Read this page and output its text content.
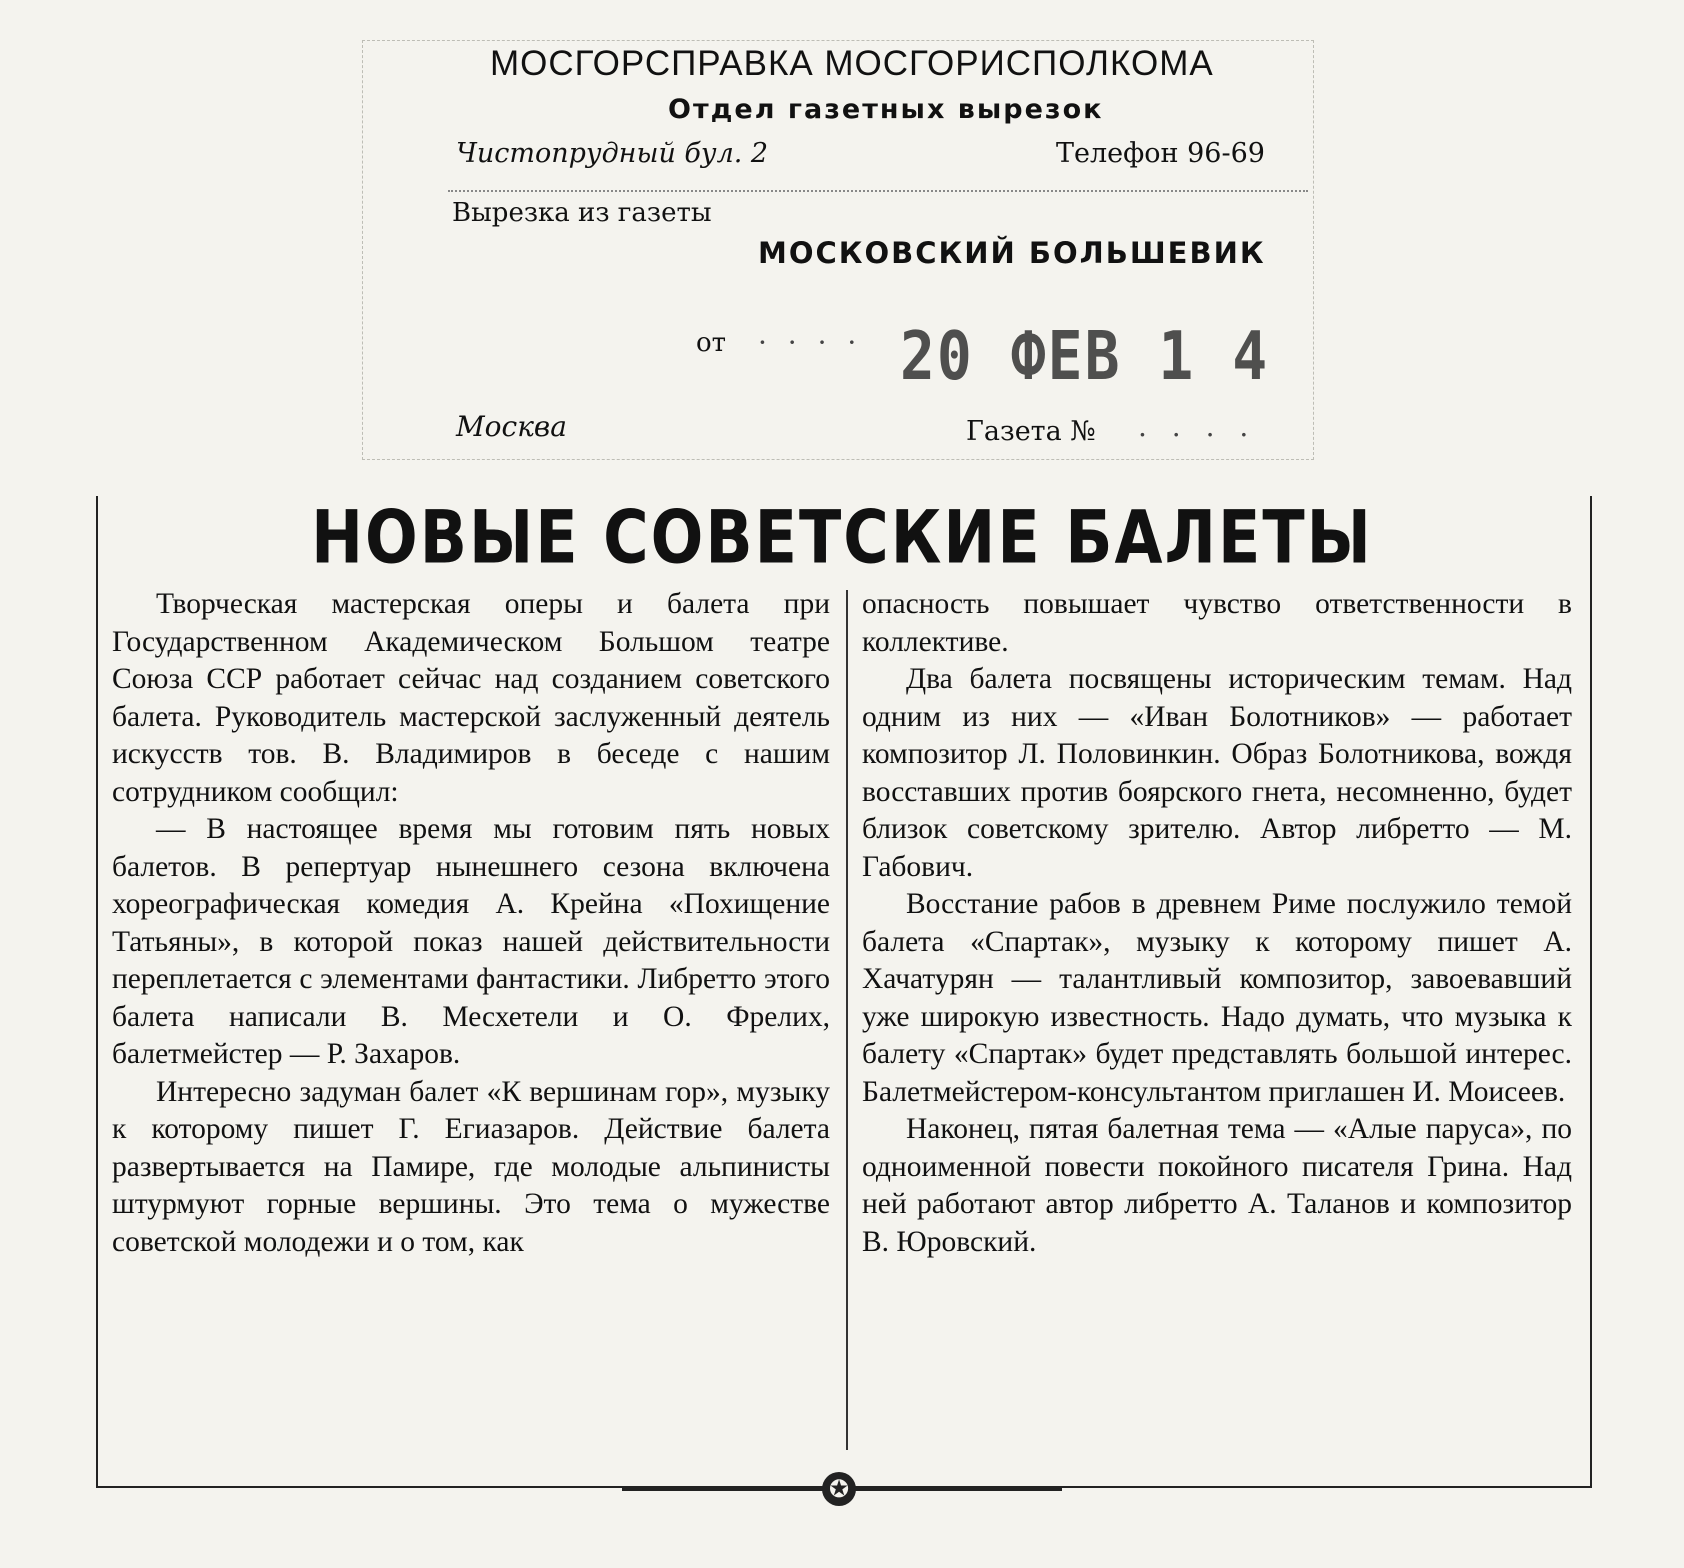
МОСГОРСПРАВКА МОСГОРИСПОЛКОМА
Отдел газетных вырезок
Чистопрудный бул. 2	Телефон 96-69
Вырезка из газеты
МОСКОВСКИЙ БОЛЬШЕВИК
от · · · · 20 ФЕВ 1 4
Москва	Газета № . . . .
НОВЫЕ СОВЕТСКИЕ БАЛЕТЫ

Творческая мастерская оперы и балета при Государственном Академическом Большом театре Союза ССР работает сейчас над созданием советского балета. Руководитель мастерской заслуженный деятель искусств тов. В. Владимиров в беседе с нашим сотрудником сообщил:

— В настоящее время мы готовим пять новых балетов. В репертуар нынешнего сезона включена хореографическая комедия А. Крейна «Похищение Татьяны», в которой показ нашей действительности переплетается с элементами фантастики. Либретто этого балета написали В. Месхетели и О. Фрелих, балетмейстер — Р. Захаров.

Интересно задуман балет «К вершинам гор», музыку к которому пишет Г. Егиазаров. Действие балета развертывается на Памире, где молодые альпинисты штурмуют горные вершины. Это тема о мужестве советской молодежи и о том, как

опасность повышает чувство ответственности в коллективе.

Два балета посвящены историческим темам. Над одним из них — «Иван Болотников» — работает композитор Л. Половинкин. Образ Болотникова, вождя восставших против боярского гнета, несомненно, будет близок советскому зрителю. Автор либретто — М. Габович.

Восстание рабов в древнем Риме послужило темой балета «Спартак», музыку к которому пишет А. Хачатурян — талантливый композитор, завоевавший уже широкую известность. Надо думать, что музыка к балету «Спартак» будет представлять большой интерес. Балетмейстером-консультантом приглашен И. Моисеев.

Наконец, пятая балетная тема — «Алые паруса», по одноименной повести покойного писателя Грина. Над ней работают автор либретто А. Таланов и композитор В. Юровский.

✪
